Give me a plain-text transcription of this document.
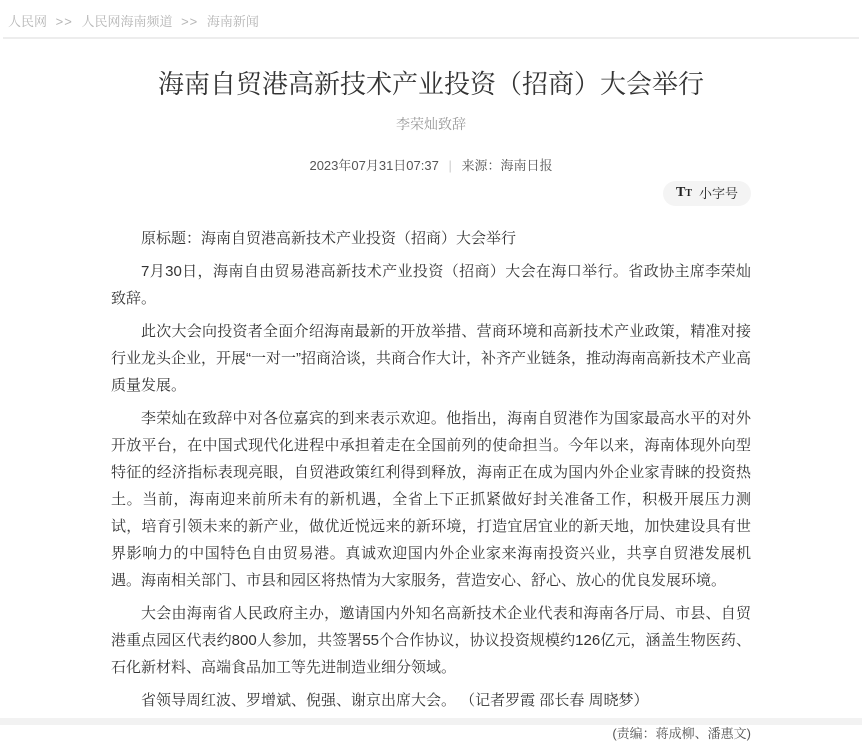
人民网 >> 人民网海南频道 >> 海南新闻
海南自贸港高新技术产业投资（招商）大会举行
李荣灿致辞
2023年07月31日07:37 | 来源：海南日报
T T 小字号

原标题：海南自贸港高新技术产业投资（招商）大会举行

7月30日，海南自由贸易港高新技术产业投资（招商）大会在海口举行。省政协主席李荣灿致辞。

此次大会向投资者全面介绍海南最新的开放举措、营商环境和高新技术产业政策，精准对接行业龙头企业，开展“一对一”招商洽谈，共商合作大计，补齐产业链条，推动海南高新技术产业高质量发展。

李荣灿在致辞中对各位嘉宾的到来表示欢迎。他指出，海南自贸港作为国家最高水平的对外开放平台，在中国式现代化进程中承担着走在全国前列的使命担当。今年以来，海南体现外向型特征的经济指标表现亮眼，自贸港政策红利得到释放，海南正在成为国内外企业家青睐的投资热土。当前，海南迎来前所未有的新机遇，全省上下正抓紧做好封关准备工作，积极开展压力测试，培育引领未来的新产业，做优近悦远来的新环境，打造宜居宜业的新天地，加快建设具有世界影响力的中国特色自由贸易港。真诚欢迎国内外企业家来海南投资兴业，共享自贸港发展机遇。海南相关部门、市县和园区将热情为大家服务，营造安心、舒心、放心的优良发展环境。

大会由海南省人民政府主办，邀请国内外知名高新技术企业代表和海南各厅局、市县、自贸港重点园区代表约800人参加，共签署55个合作协议，协议投资规模约126亿元，涵盖生物医药、石化新材料、高端食品加工等先进制造业细分领域。

省领导周红波、罗增斌、倪强、谢京出席大会。 （记者罗霞 邵长春 周晓梦）

(责编：蒋成柳、潘惠文)
